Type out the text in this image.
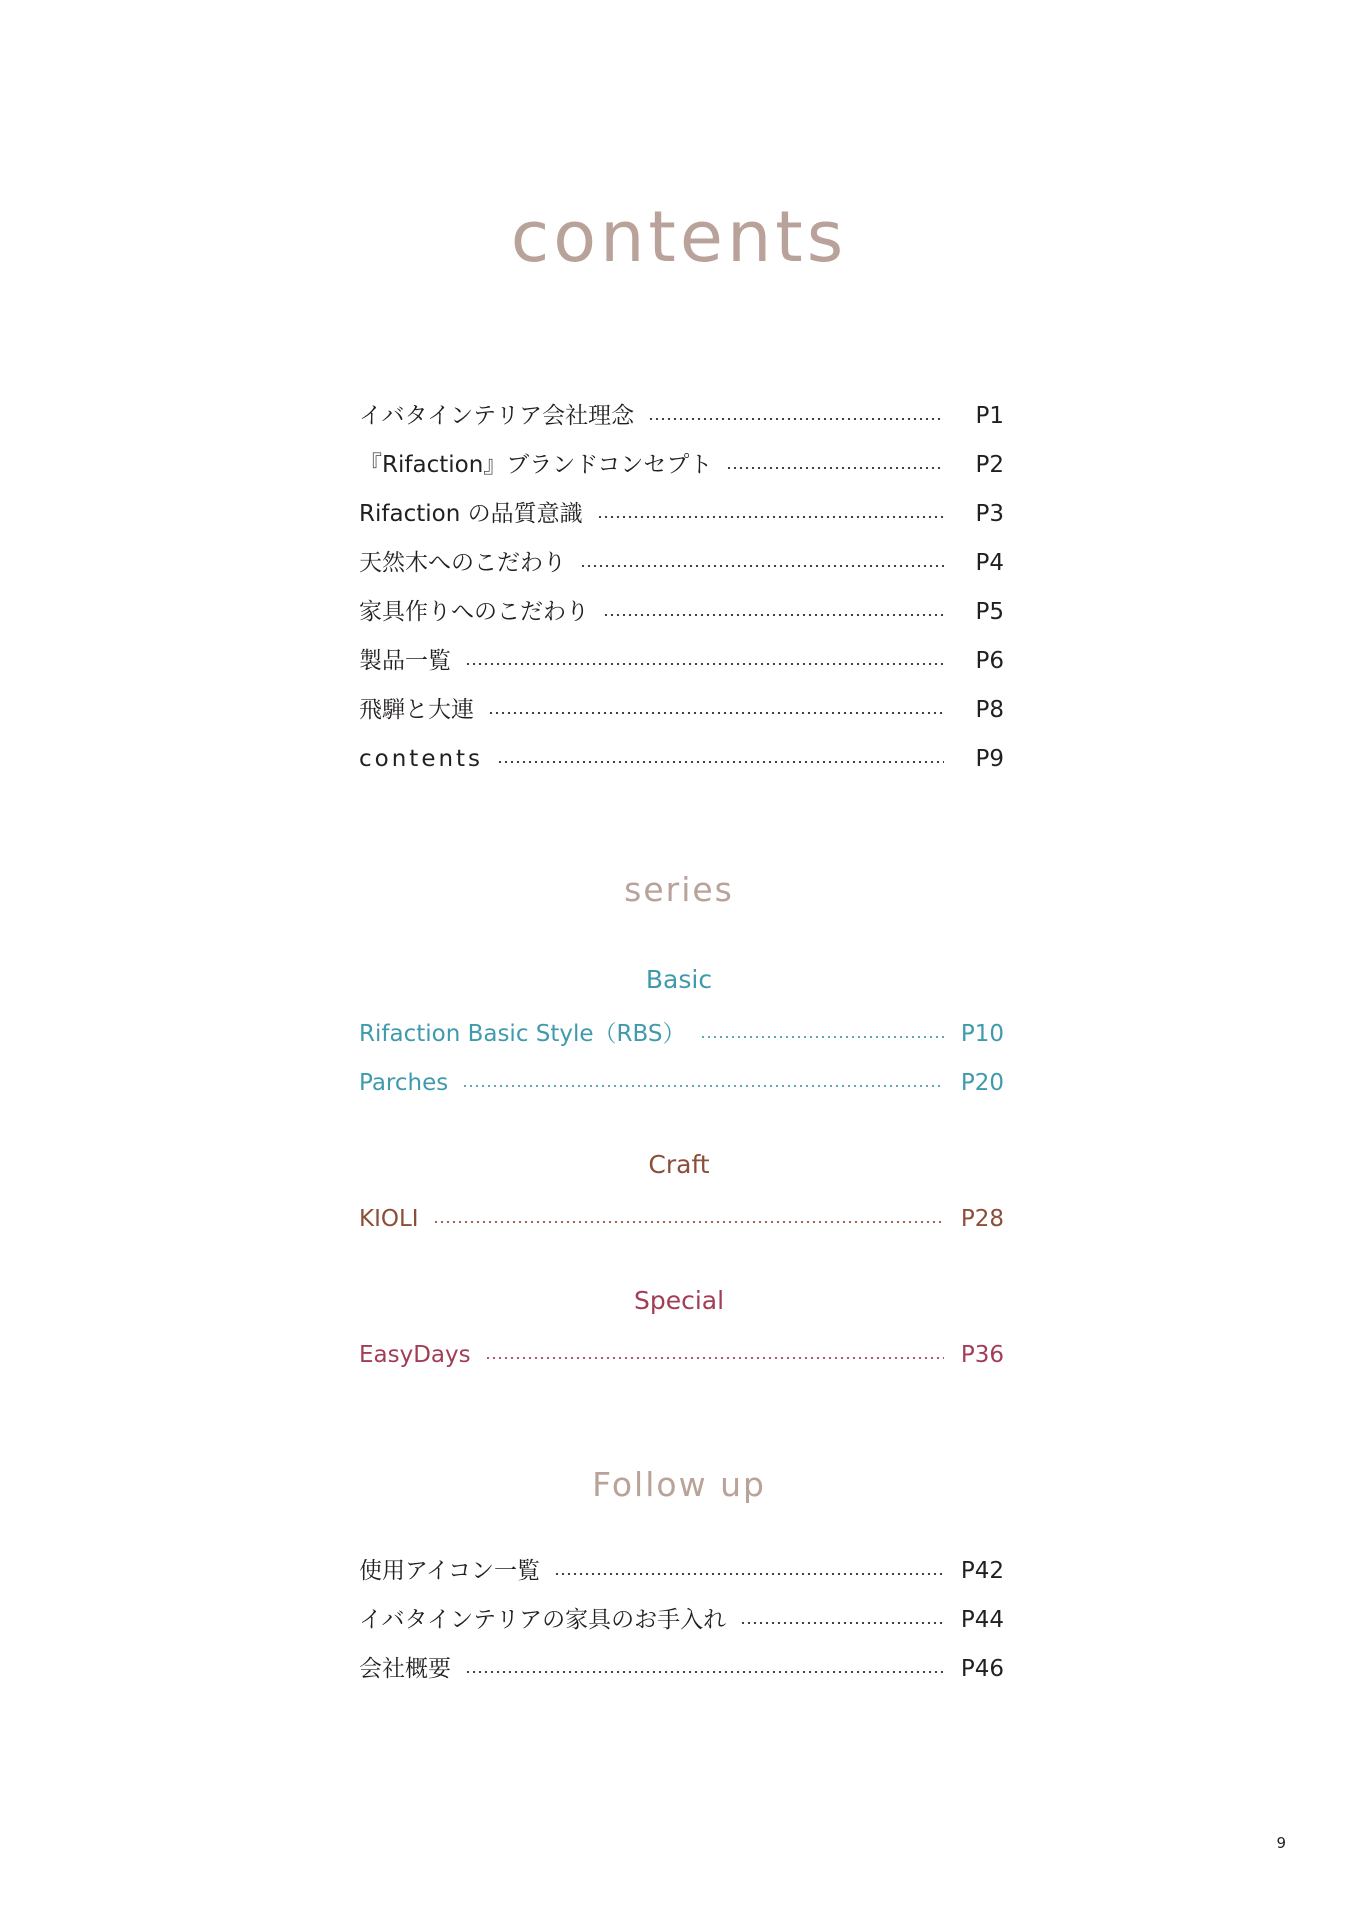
contents
イバタインテリア会社理念	P1
『Rifaction』ブランドコンセプト	P2
Rifaction の品質意識	P3
天然木へのこだわり	P4
家具作りへのこだわり	P5
製品一覧	P6
飛騨と大連	P8
contents	P9
series
Basic
Rifaction Basic Style（RBS）	P10
Parches	P20
Craft
KIOLI	P28
Special
EasyDays	P36
Follow up
使用アイコン一覧	P42
イバタインテリアの家具のお手入れ	P44
会社概要	P46
9
